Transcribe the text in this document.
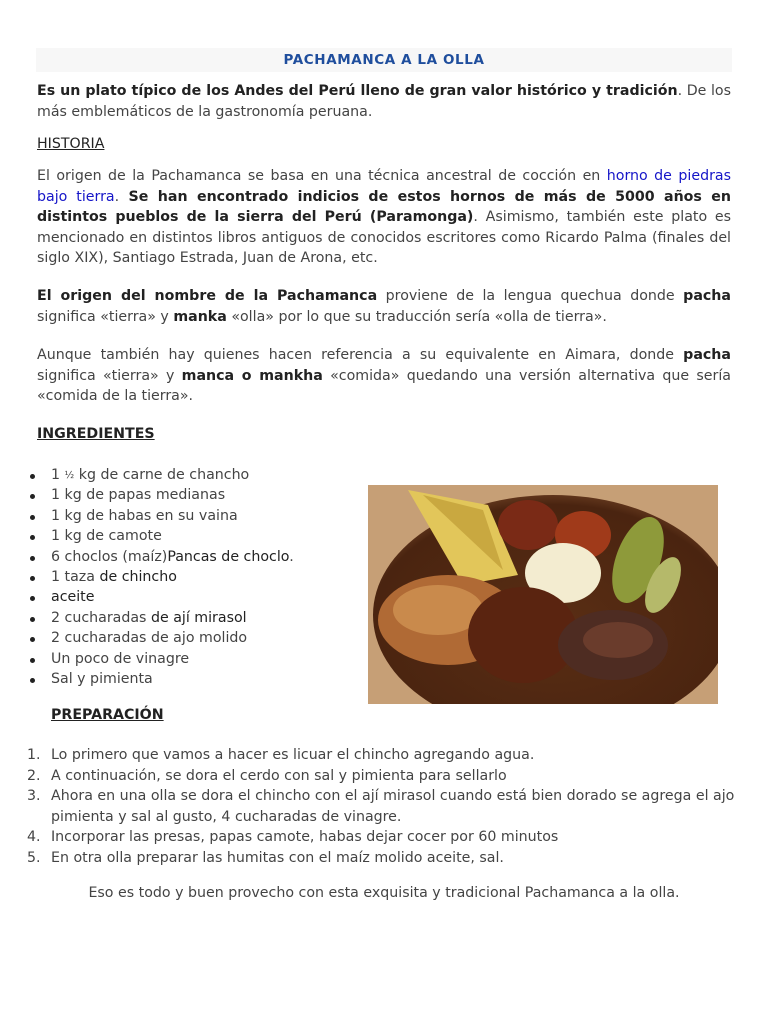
PACHAMANCA A LA OLLA

Es un plato típico de los Andes del Perú lleno de gran valor histórico y tradición. De los más emblemáticos de la gastronomía peruana.

HISTORIA

El origen de la Pachamanca se basa en una técnica ancestral de cocción en horno de piedras bajo tierra. Se han encontrado indicios de estos hornos de más de 5000 años en distintos pueblos de la sierra del Perú (Paramonga). Asimismo, también este plato es mencionado en distintos libros antiguos de conocidos escritores como Ricardo Palma (finales del siglo XIX), Santiago Estrada, Juan de Arona, etc.

El origen del nombre de la Pachamanca proviene de la lengua quechua donde pacha significa «tierra» y manka «olla» por lo que su traducción sería «olla de tierra».

Aunque también hay quienes hacen referencia a su equivalente en Aimara, donde pacha significa «tierra» y manca o mankha «comida» quedando una versión alternativa que sería «comida de la tierra».

INGREDIENTES

1 ½ kg de carne de chancho
1 kg de papas medianas
1 kg de habas en su vaina
1 kg de camote
6 choclos (maíz)Pancas de choclo.
1 taza de chincho
aceite
2 cucharadas de ají mirasol
2 cucharadas de ajo molido
Un poco de vinagre
Sal y pimienta

PREPARACIÓN

1. Lo primero que vamos a hacer es licuar el chincho agregando agua.
2. A continuación, se dora el cerdo con sal y pimienta para sellarlo
3. Ahora en una olla se dora el chincho con el ají mirasol cuando está bien dorado se agrega el ajo pimienta y sal al gusto, 4 cucharadas de vinagre.
4. Incorporar las presas, papas camote, habas dejar cocer por 60 minutos
5. En otra olla preparar las humitas con el maíz molido aceite, sal.

Eso es todo y buen provecho con esta exquisita y tradicional Pachamanca a la olla.
